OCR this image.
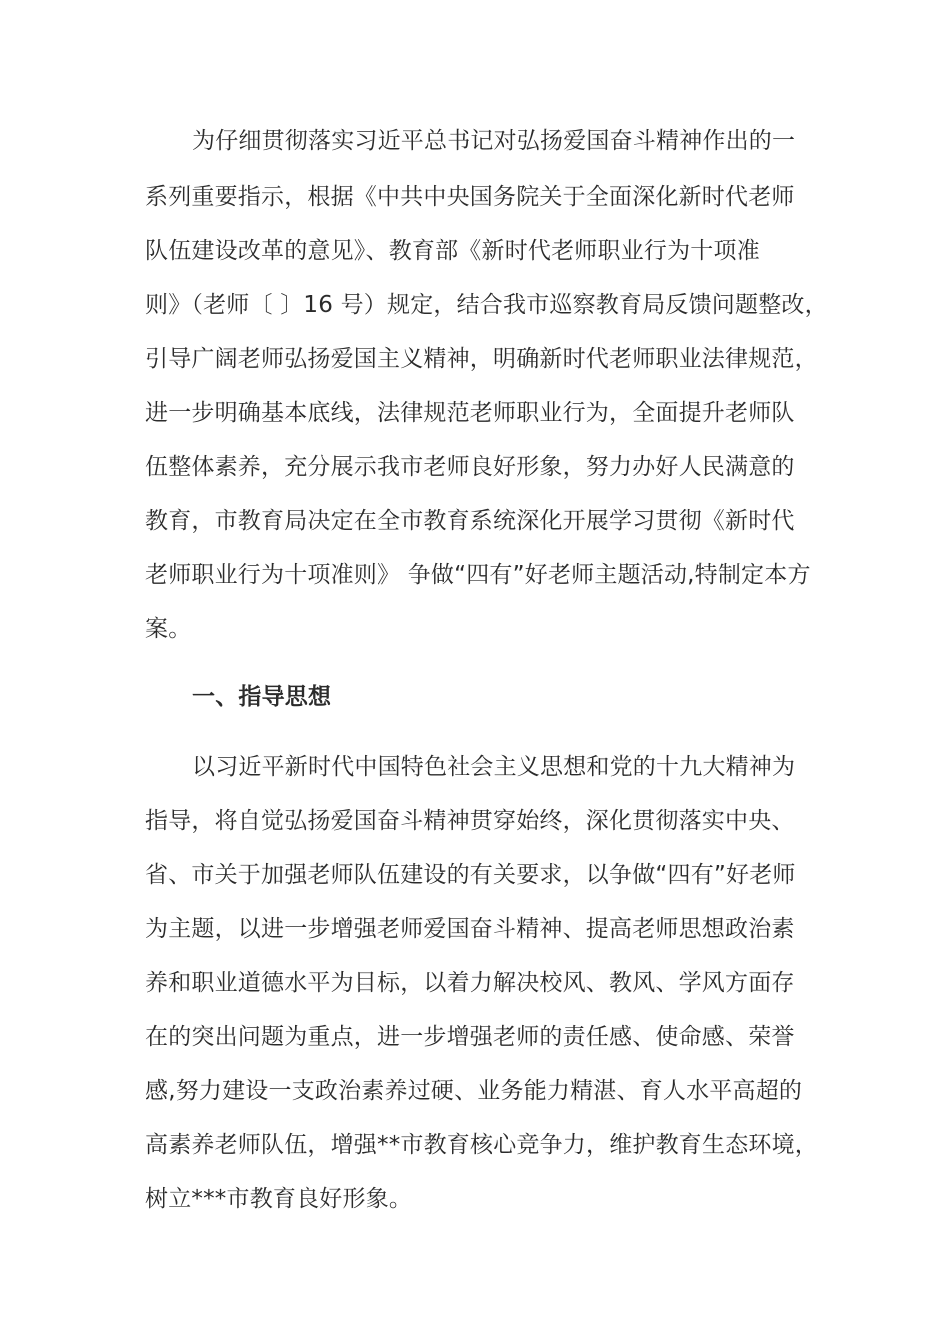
为仔细贯彻落实习近平总书记对弘扬爱国奋斗精神作出的一
系列重要指示，根据《中共中央国务院关于全面深化新时代老师
队伍建设改革的意见》、教育部《新时代老师职业行为十项准
则》（老师〔 〕16 号）规定，结合我市巡察教育局反馈问题整改，
引导广阔老师弘扬爱国主义精神，明确新时代老师职业法律规范，
进一步明确基本底线，法律规范老师职业行为，全面提升老师队
伍整体素养，充分展示我市老师良好形象，努力办好人民满意的
教育，市教育局决定在全市教育系统深化开展学习贯彻《新时代
老师职业行为十项准则》 争做“四有”好老师主题活动,特制定本方
案。
一、指导思想
以习近平新时代中国特色社会主义思想和党的十九大精神为
指导，将自觉弘扬爱国奋斗精神贯穿始终，深化贯彻落实中央、
省、市关于加强老师队伍建设的有关要求，以争做“四有”好老师
为主题，以进一步增强老师爱国奋斗精神、提高老师思想政治素
养和职业道德水平为目标，以着力解决校风、教风、学风方面存
在的突出问题为重点，进一步增强老师的责任感、使命感、荣誉
感,努力建设一支政治素养过硬、业务能力精湛、育人水平高超的
高素养老师队伍，增强**市教育核心竞争力，维护教育生态环境，
树立***市教育良好形象。
